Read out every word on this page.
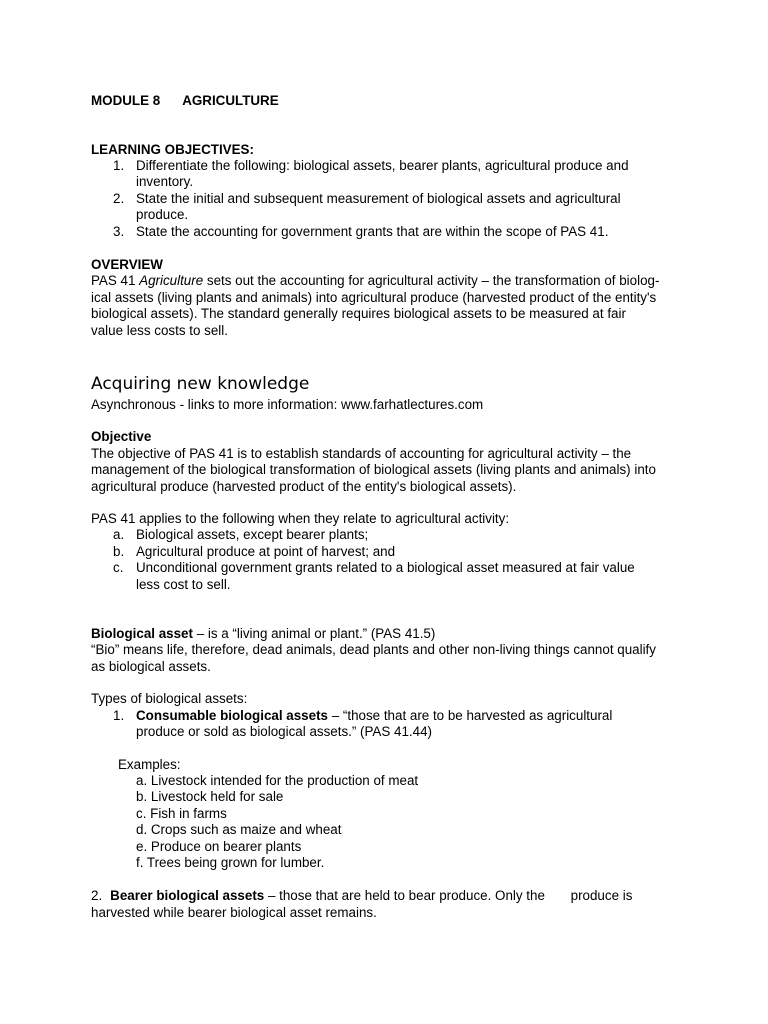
MODULE 8 AGRICULTURE
LEARNING OBJECTIVES:
1. Differentiate the following: biological assets, bearer plants, agricultural produce and
inventory.
2. State the initial and subsequent measurement of biological assets and agricultural
produce.
3. State the accounting for government grants that are within the scope of PAS 41.
OVERVIEW
PAS 41 Agriculture sets out the accounting for agricultural activity – the transformation of biolog-
ical assets (living plants and animals) into agricultural produce (harvested product of the entity's
biological assets). The standard generally requires biological assets to be measured at fair
value less costs to sell.
Acquiring new knowledge
Asynchronous - links to more information: www.farhatlectures.com
Objective
The objective of PAS 41 is to establish standards of accounting for agricultural activity – the
management of the biological transformation of biological assets (living plants and animals) into
agricultural produce (harvested product of the entity's biological assets).
PAS 41 applies to the following when they relate to agricultural activity:
a. Biological assets, except bearer plants;
b. Agricultural produce at point of harvest; and
c. Unconditional government grants related to a biological asset measured at fair value
less cost to sell.
Biological asset – is a “living animal or plant.” (PAS 41.5)
“Bio” means life, therefore, dead animals, dead plants and other non-living things cannot qualify
as biological assets.
Types of biological assets:
1. Consumable biological assets – “those that are to be harvested as agricultural
produce or sold as biological assets.” (PAS 41.44)
Examples:
a. Livestock intended for the production of meat
b. Livestock held for sale
c. Fish in farms
d. Crops such as maize and wheat
e. Produce on bearer plants
f. Trees being grown for lumber.
2. Bearer biological assets – those that are held to bear produce. Only the produce is
harvested while bearer biological asset remains.
